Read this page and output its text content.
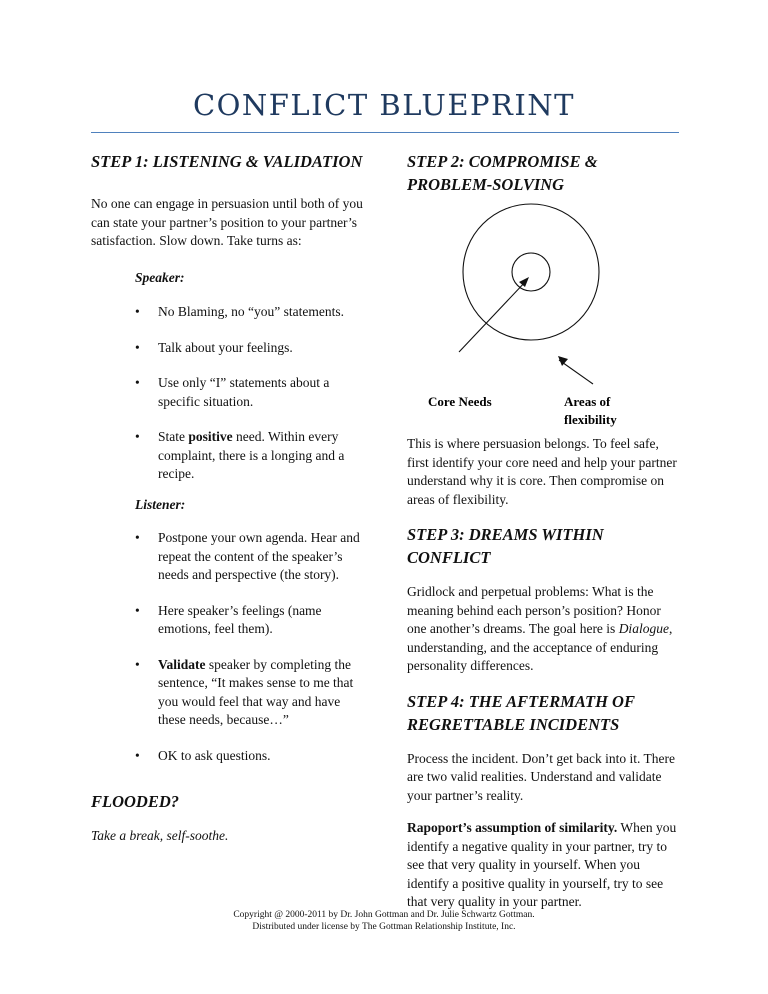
CONFLICT BLUEPRINT
STEP 1: LISTENING & VALIDATION

No one can engage in persuasion until both of you can state your partner’s position to your partner’s satisfaction. Slow down. Take turns as:

Speaker:
• No Blaming, no “you” statements.
• Talk about your feelings.
• Use only “I” statements about a specific situation.
• State positive need. Within every complaint, there is a longing and a recipe.
Listener:
• Postpone your own agenda. Hear and repeat the content of the speaker’s needs and perspective (the story).
• Here speaker’s feelings (name emotions, feel them).
• Validate speaker by completing the sentence, “It makes sense to me that you would feel that way and have these needs, because…”
• OK to ask questions.
FLOODED?

Take a break, self-soothe.

STEP 2: COMPROMISE & PROBLEM-SOLVING
Core Needs	Areas of flexibility

This is where persuasion belongs. To feel safe, first identify your core need and help your partner understand why it is core. Then compromise on areas of flexibility.

STEP 3: DREAMS WITHIN CONFLICT

Gridlock and perpetual problems: What is the meaning behind each person’s position? Honor one another’s dreams. The goal here is Dialogue, understanding, and the acceptance of enduring personality differences.

STEP 4: THE AFTERMATH OF REGRETTABLE INCIDENTS

Process the incident. Don’t get back into it. There are two valid realities. Understand and validate your partner’s reality.

Rapoport’s assumption of similarity. When you identify a negative quality in your partner, try to see that very quality in yourself. When you identify a positive quality in yourself, try to see that very quality in your partner.

Copyright @ 2000-2011 by Dr. John Gottman and Dr. Julie Schwartz Gottman.
Distributed under license by The Gottman Relationship Institute, Inc.
